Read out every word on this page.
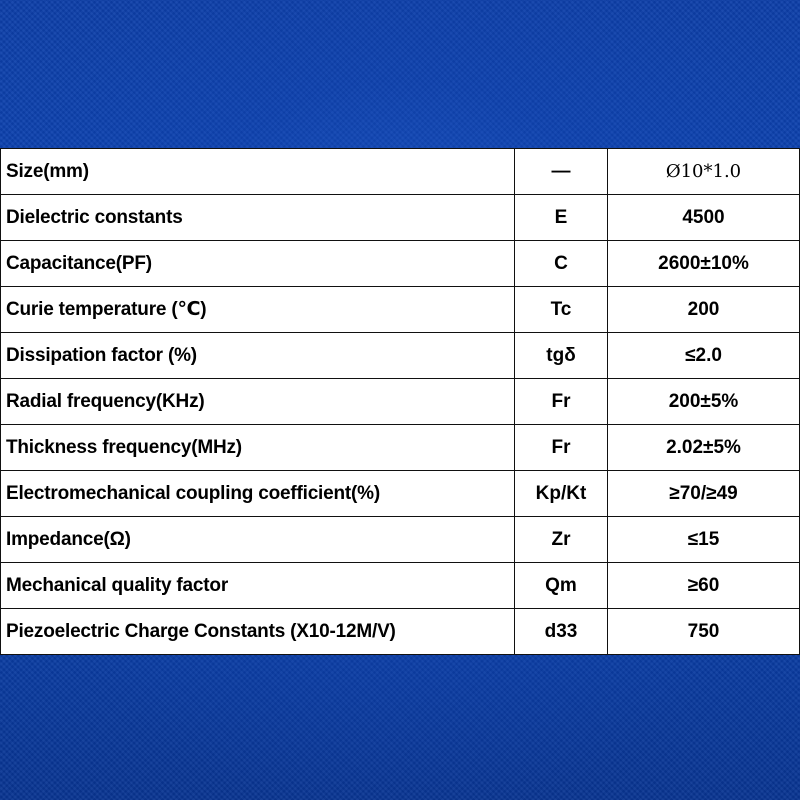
Size(mm)	—	Ø10*1.0
Dielectric constants	E	4500
Capacitance(PF)	C	2600±10%
Curie temperature (℃)	Tc	200
Dissipation factor (%)	tgδ	≤2.0
Radial frequency(KHz)	Fr	200±5%
Thickness frequency(MHz)	Fr	2.02±5%
Electromechanical coupling coefficient(%)	Kp/Kt	≥70/≥49
Impedance(Ω)	Zr	≤15
Mechanical quality factor	Qm	≥60
Piezoelectric Charge Constants (X10-12M/V)	d33	750
